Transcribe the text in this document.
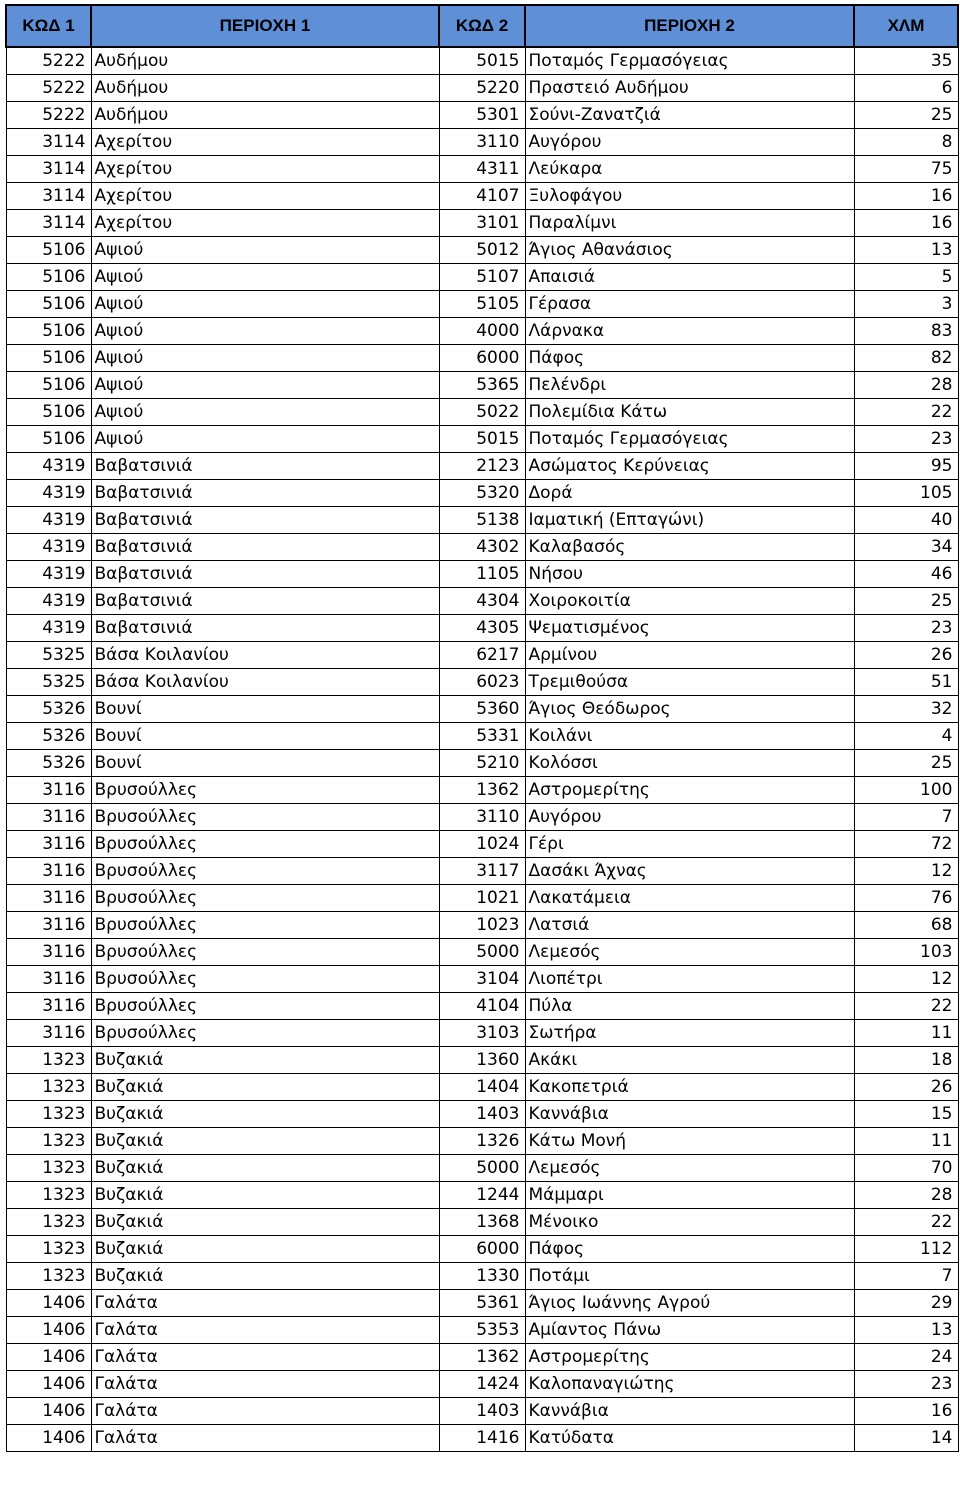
ΚΩΔ 1	ΠΕΡΙΟΧΗ 1	ΚΩΔ 2	ΠΕΡΙΟΧΗ 2	ΧΛΜ
5222	Αυδήμου	5015	Ποταμός Γερμασόγειας	35
5222	Αυδήμου	5220	Πραστειό Αυδήμου	6
5222	Αυδήμου	5301	Σούνι-Ζανατζιά	25
3114	Αχερίτου	3110	Αυγόρου	8
3114	Αχερίτου	4311	Λεύκαρα	75
3114	Αχερίτου	4107	Ξυλοφάγου	16
3114	Αχερίτου	3101	Παραλίμνι	16
5106	Αψιού	5012	Άγιος Αθανάσιος	13
5106	Αψιού	5107	Απαισιά	5
5106	Αψιού	5105	Γέρασα	3
5106	Αψιού	4000	Λάρνακα	83
5106	Αψιού	6000	Πάφος	82
5106	Αψιού	5365	Πελένδρι	28
5106	Αψιού	5022	Πολεμίδια Κάτω	22
5106	Αψιού	5015	Ποταμός Γερμασόγειας	23
4319	Βαβατσινιά	2123	Ασώματος Κερύνειας	95
4319	Βαβατσινιά	5320	Δορά	105
4319	Βαβατσινιά	5138	Ιαματική (Επταγώνι)	40
4319	Βαβατσινιά	4302	Καλαβασός	34
4319	Βαβατσινιά	1105	Νήσου	46
4319	Βαβατσινιά	4304	Χοιροκοιτία	25
4319	Βαβατσινιά	4305	Ψεματισμένος	23
5325	Βάσα Κοιλανίου	6217	Αρμίνου	26
5325	Βάσα Κοιλανίου	6023	Τρεμιθούσα	51
5326	Βουνί	5360	Άγιος Θεόδωρος	32
5326	Βουνί	5331	Κοιλάνι	4
5326	Βουνί	5210	Κολόσσι	25
3116	Βρυσούλλες	1362	Αστρομερίτης	100
3116	Βρυσούλλες	3110	Αυγόρου	7
3116	Βρυσούλλες	1024	Γέρι	72
3116	Βρυσούλλες	3117	Δασάκι Άχνας	12
3116	Βρυσούλλες	1021	Λακατάμεια	76
3116	Βρυσούλλες	1023	Λατσιά	68
3116	Βρυσούλλες	5000	Λεμεσός	103
3116	Βρυσούλλες	3104	Λιοπέτρι	12
3116	Βρυσούλλες	4104	Πύλα	22
3116	Βρυσούλλες	3103	Σωτήρα	11
1323	Βυζακιά	1360	Ακάκι	18
1323	Βυζακιά	1404	Κακοπετριά	26
1323	Βυζακιά	1403	Καννάβια	15
1323	Βυζακιά	1326	Κάτω Μονή	11
1323	Βυζακιά	5000	Λεμεσός	70
1323	Βυζακιά	1244	Μάμμαρι	28
1323	Βυζακιά	1368	Μένοικο	22
1323	Βυζακιά	6000	Πάφος	112
1323	Βυζακιά	1330	Ποτάμι	7
1406	Γαλάτα	5361	Άγιος Ιωάννης Αγρού	29
1406	Γαλάτα	5353	Αμίαντος Πάνω	13
1406	Γαλάτα	1362	Αστρομερίτης	24
1406	Γαλάτα	1424	Καλοπαναγιώτης	23
1406	Γαλάτα	1403	Καννάβια	16
1406	Γαλάτα	1416	Κατύδατα	14
